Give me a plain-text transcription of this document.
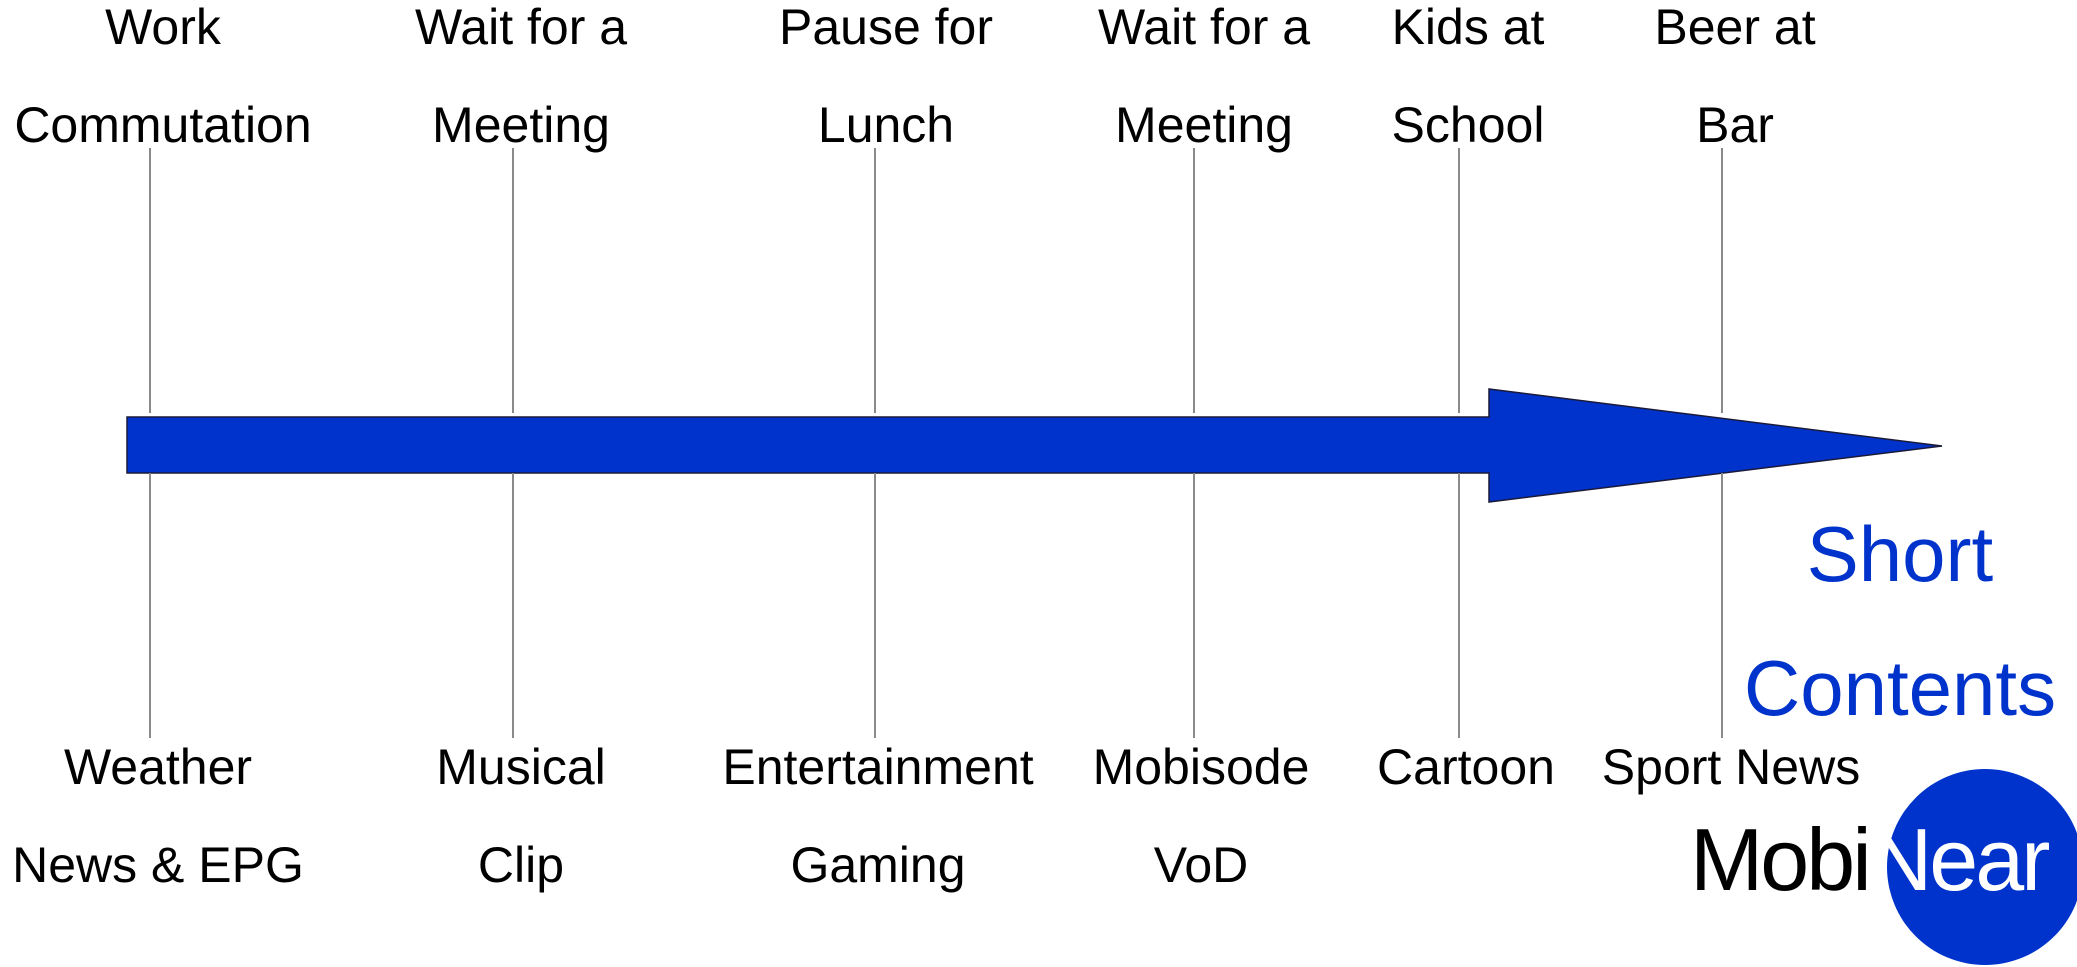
Work
Commutation
Wait for a
Meeting
Pause for
Lunch
Wait for a
Meeting
Kids at
School
Beer at
Bar
Weather
News & EPG
Musical
Clip
Entertainment
Gaming
Mobisode
VoD
Cartoon Sport News
Short
Contents
MobiNear
